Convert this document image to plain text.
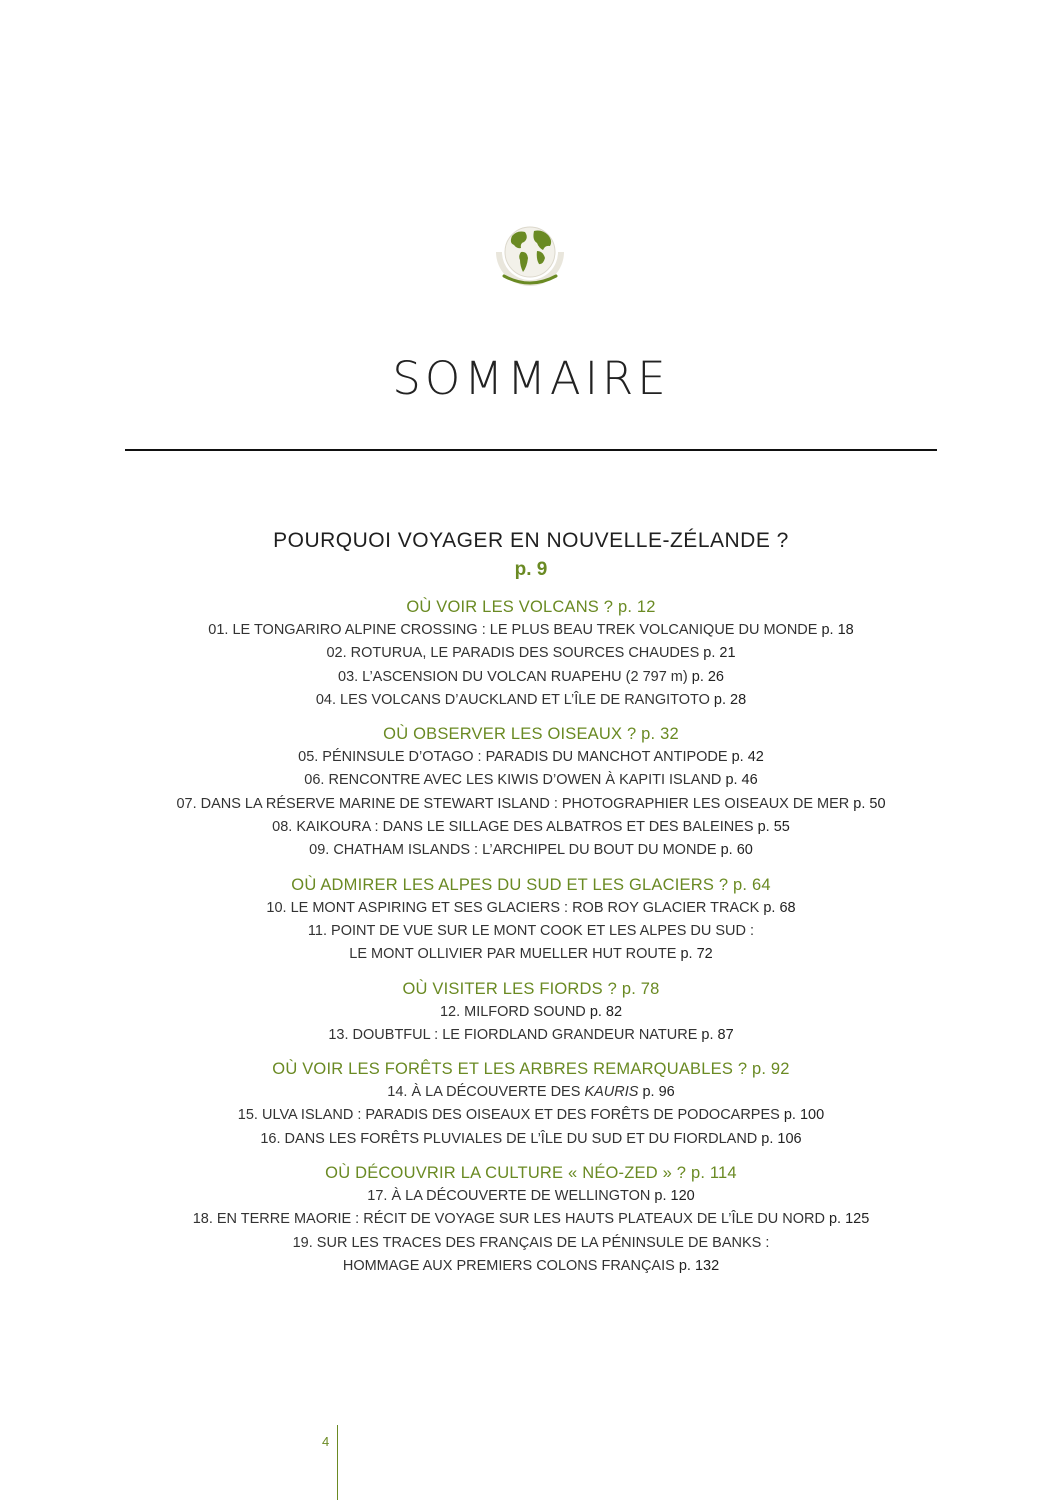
SOMMAIRE
POURQUOI VOYAGER EN NOUVELLE-ZÉLANDE ?
p. 9
OÙ VOIR LES VOLCANS ? p. 12
01. LE TONGARIRO ALPINE CROSSING : LE PLUS BEAU TREK VOLCANIQUE DU MONDE p. 18
02. ROTURUA, LE PARADIS DES SOURCES CHAUDES p. 21
03. L’ASCENSION DU VOLCAN RUAPEHU (2 797 m) p. 26
04. LES VOLCANS D’AUCKLAND ET L’ÎLE DE RANGITOTO p. 28
OÙ OBSERVER LES OISEAUX ? p. 32
05. PÉNINSULE D’OTAGO : PARADIS DU MANCHOT ANTIPODE p. 42
06. RENCONTRE AVEC LES KIWIS D’OWEN À KAPITI ISLAND p. 46
07. DANS LA RÉSERVE MARINE DE STEWART ISLAND : PHOTOGRAPHIER LES OISEAUX DE MER p. 50
08. KAIKOURA : DANS LE SILLAGE DES ALBATROS ET DES BALEINES p. 55
09. CHATHAM ISLANDS : L’ARCHIPEL DU BOUT DU MONDE p. 60
OÙ ADMIRER LES ALPES DU SUD ET LES GLACIERS ? p. 64
10. LE MONT ASPIRING ET SES GLACIERS : ROB ROY GLACIER TRACK p. 68
11. POINT DE VUE SUR LE MONT COOK ET LES ALPES DU SUD :
LE MONT OLLIVIER PAR MUELLER HUT ROUTE p. 72
OÙ VISITER LES FIORDS ? p. 78
12. MILFORD SOUND p. 82
13. DOUBTFUL : LE FIORDLAND GRANDEUR NATURE p. 87
OÙ VOIR LES FORÊTS ET LES ARBRES REMARQUABLES ? p. 92
14. À LA DÉCOUVERTE DES KAURIS p. 96
15. ULVA ISLAND : PARADIS DES OISEAUX ET DES FORÊTS DE PODOCARPES p. 100
16. DANS LES FORÊTS PLUVIALES DE L’ÎLE DU SUD ET DU FIORDLAND p. 106
OÙ DÉCOUVRIR LA CULTURE « NÉO-ZED » ? p. 114
17. À LA DÉCOUVERTE DE WELLINGTON p. 120
18. EN TERRE MAORIE : RÉCIT DE VOYAGE SUR LES HAUTS PLATEAUX DE L’ÎLE DU NORD p. 125
19. SUR LES TRACES DES FRANÇAIS DE LA PÉNINSULE DE BANKS :
HOMMAGE AUX PREMIERS COLONS FRANÇAIS p. 132
4
